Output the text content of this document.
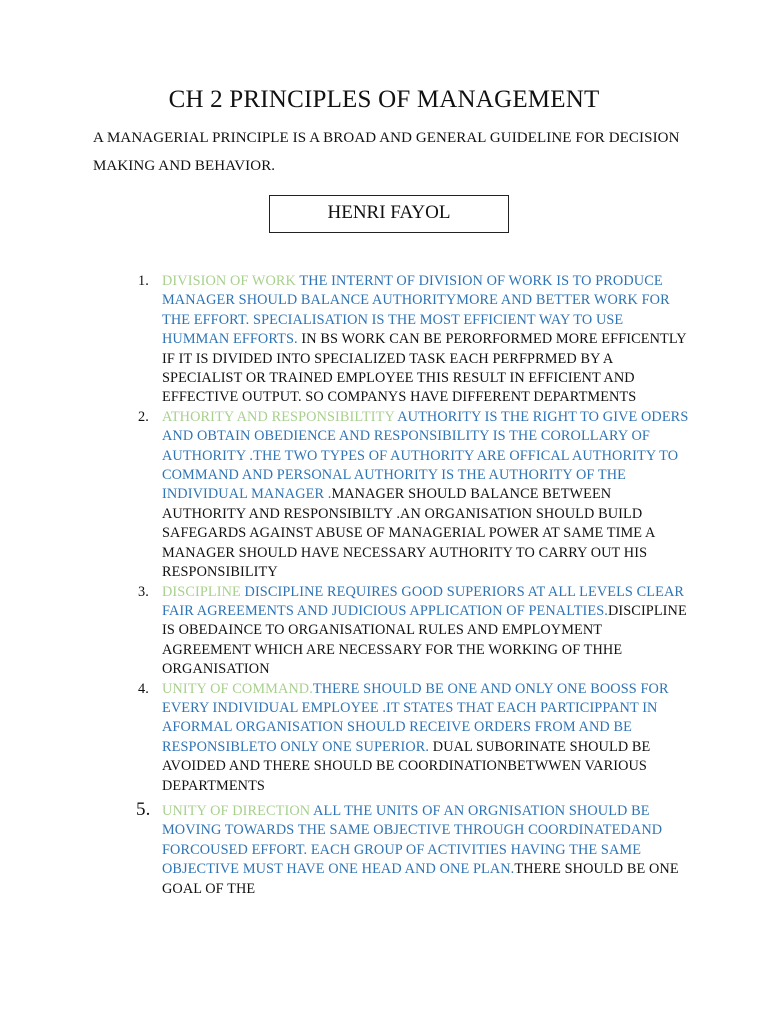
CH 2 PRINCIPLES OF MANAGEMENT
A MANAGERIAL PRINCIPLE IS A BROAD AND GENERAL GUIDELINE FOR DECISION MAKING AND BEHAVIOR.
HENRI FAYOL
1. DIVISION OF WORK THE INTERNT OF DIVISION OF WORK IS TO PRODUCE MANAGER SHOULD BALANCE AUTHORITYMORE AND BETTER WORK FOR THE EFFORT. SPECIALISATION IS THE MOST EFFICIENT WAY TO USE HUMMAN EFFORTS. IN BS WORK CAN BE PERORFORMED MORE EFFICENTLY IF IT IS DIVIDED INTO SPECIALIZED TASK EACH PERFPRMED BY A SPECIALIST OR TRAINED EMPLOYEE THIS RESULT IN EFFICIENT AND EFFECTIVE OUTPUT. SO COMPANYS HAVE DIFFERENT DEPARTMENTS
2. ATHORITY AND RESPONSIBILTITY AUTHORITY IS THE RIGHT TO GIVE ODERS AND OBTAIN OBEDIENCE AND RESPONSIBILITY IS THE COROLLARY OF AUTHORITY .THE TWO TYPES OF AUTHORITY ARE OFFICAL AUTHORITY TO COMMAND AND PERSONAL AUTHORITY IS THE AUTHORITY OF THE INDIVIDUAL MANAGER .MANAGER SHOULD BALANCE BETWEEN AUTHORITY AND RESPONSIBILTY .AN ORGANISATION SHOULD BUILD SAFEGARDS AGAINST ABUSE OF MANAGERIAL POWER AT SAME TIME A MANAGER SHOULD HAVE NECESSARY AUTHORITY TO CARRY OUT HIS RESPONSIBILITY
3. DISCIPLINE DISCIPLINE REQUIRES GOOD SUPERIORS AT ALL LEVELS CLEAR FAIR AGREEMENTS AND JUDICIOUS APPLICATION OF PENALTIES.DISCIPLINE IS OBEDAINCE TO ORGANISATIONAL RULES AND EMPLOYMENT AGREEMENT WHICH ARE NECESSARY FOR THE WORKING OF THHE ORGANISATION
4. UNITY OF COMMAND.THERE SHOULD BE ONE AND ONLY ONE BOOSS FOR EVERY INDIVIDUAL EMPLOYEE .IT STATES THAT EACH PARTICIPPANT IN AFORMAL ORGANISATION SHOULD RECEIVE ORDERS FROM AND BE RESPONSIBLETO ONLY ONE SUPERIOR. DUAL SUBORINATE SHOULD BE AVOIDED AND THERE SHOULD BE COORDINATIONBETWWEN VARIOUS DEPARTMENTS
5. UNITY OF DIRECTION ALL THE UNITS OF AN ORGNISATION SHOULD BE MOVING TOWARDS THE SAME OBJECTIVE THROUGH COORDINATEDAND FORCOUSED EFFORT. EACH GROUP OF ACTIVITIES HAVING THE SAME OBJECTIVE MUST HAVE ONE HEAD AND ONE PLAN.THERE SHOULD BE ONE GOAL OF THE
